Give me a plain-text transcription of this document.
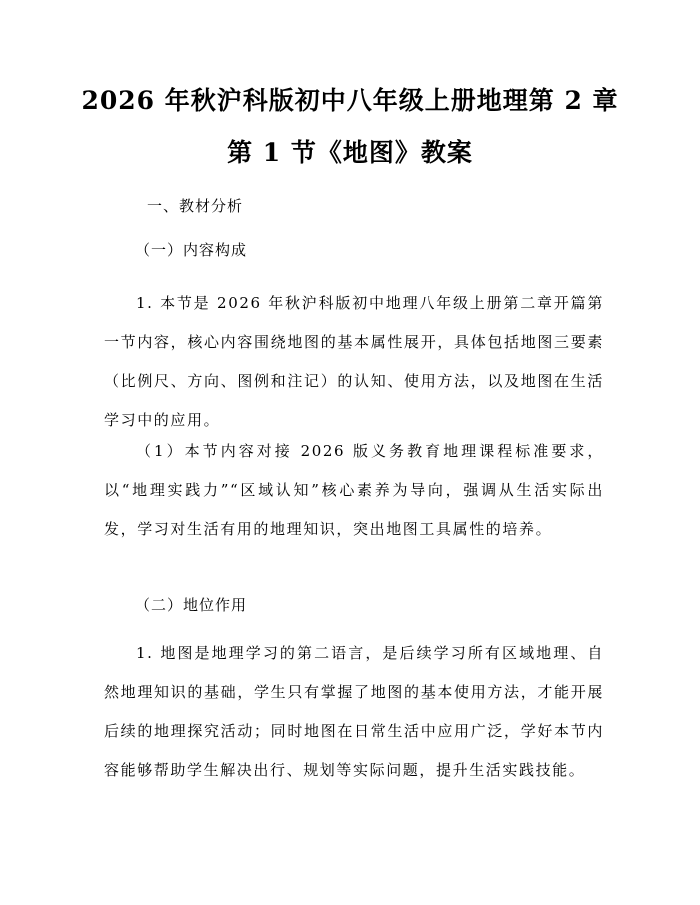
2026 年秋沪科版初中八年级上册地理第 2 章
第 1 节《地图》教案
一、教材分析
（一）内容构成

1. 本节是 2026 年秋沪科版初中地理八年级上册第二章开篇第一节内容，核心内容围绕地图的基本属性展开，具体包括地图三要素（比例尺、方向、图例和注记）的认知、使用方法，以及地图在生活学习中的应用。

（1）本节内容对接 2026 版义务教育地理课程标准要求，以“地理实践力”“区域认知”核心素养为导向，强调从生活实际出发，学习对生活有用的地理知识，突出地图工具属性的培养。

（二）地位作用

1. 地图是地理学习的第二语言，是后续学习所有区域地理、自然地理知识的基础，学生只有掌握了地图的基本使用方法，才能开展后续的地理探究活动；同时地图在日常生活中应用广泛，学好本节内容能够帮助学生解决出行、规划等实际问题，提升生活实践技能。
